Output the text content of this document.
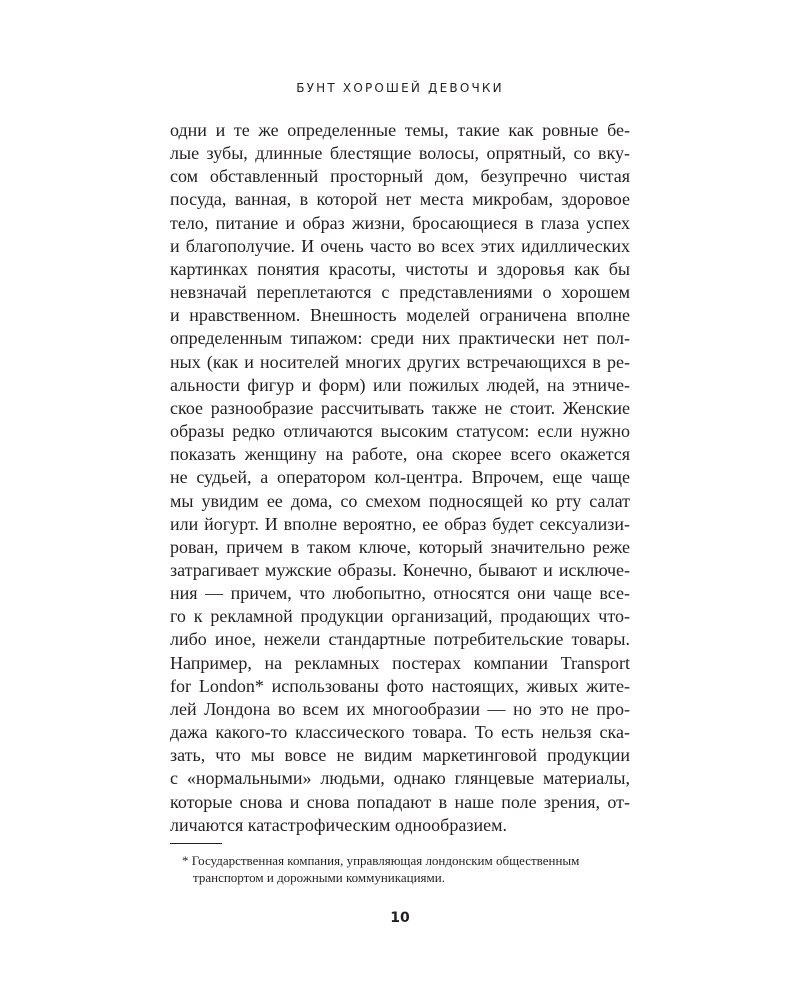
БУНТ ХОРОШЕЙ ДЕВОЧКИ
одни и те же определенные темы, такие как ровные бе-
лые зубы, длинные блестящие волосы, опрятный, со вку-
сом обставленный просторный дом, безупречно чистая
посуда, ванная, в которой нет места микробам, здоровое
тело, питание и образ жизни, бросающиеся в глаза успех
и благополучие. И очень часто во всех этих идиллических
картинках понятия красоты, чистоты и здоровья как бы
невзначай переплетаются с представлениями о хорошем
и нравственном. Внешность моделей ограничена вполне
определенным типажом: среди них практически нет пол-
ных (как и носителей многих других встречающихся в ре-
альности фигур и форм) или пожилых людей, на этниче-
ское разнообразие рассчитывать также не стоит. Женские
образы редко отличаются высоким статусом: если нужно
показать женщину на работе, она скорее всего окажется
не судьей, а оператором кол-центра. Впрочем, еще чаще
мы увидим ее дома, со смехом подносящей ко рту салат
или йогурт. И вполне вероятно, ее образ будет сексуализи-
рован, причем в таком ключе, который значительно реже
затрагивает мужские образы. Конечно, бывают и исключе-
ния — причем, что любопытно, относятся они чаще все-
го к рекламной продукции организаций, продающих что-
либо иное, нежели стандартные потребительские товары.
Например, на рекламных постерах компании Transport
for London* использованы фото настоящих, живых жите-
лей Лондона во всем их многообразии — но это не про-
дажа какого-то классического товара. То есть нельзя ска-
зать, что мы вовсе не видим маркетинговой продукции
с «нормальными» людьми, однако глянцевые материалы,
которые снова и снова попадают в наше поле зрения, от-
личаются катастрофическим однообразием.
* Государственная компания, управляющая лондонским общественным
транспортом и дорожными коммуникациями.
10
